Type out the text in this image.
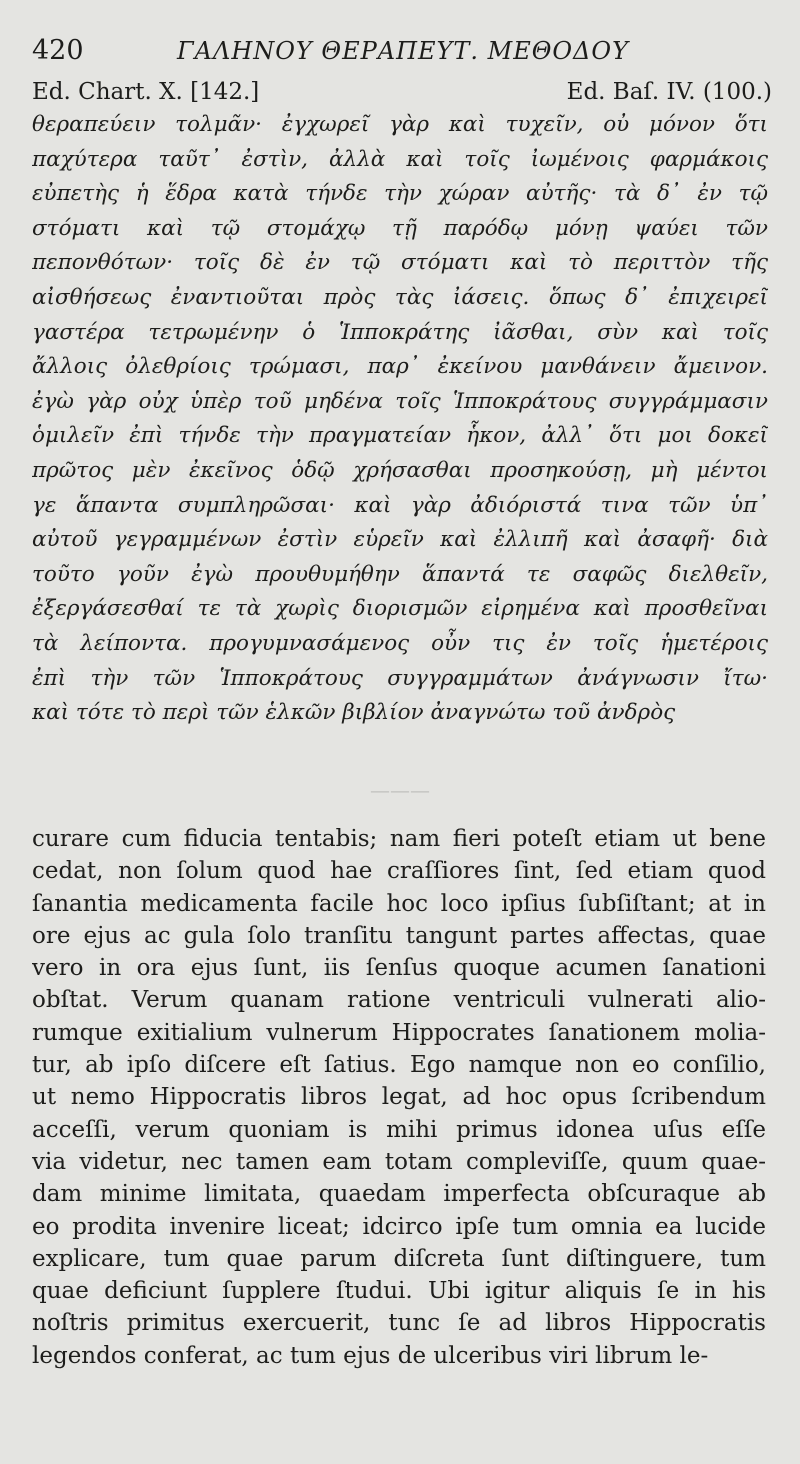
420	ΓΑΛΗΝΟΥ ΘΕΡΑΠΕΥΤ. ΜΕΘΟΔΟΥ
Ed. Chart. X. [142.]	Ed. Baſ. IV. (100.)
θεραπεύειν τολμᾶν· ἐγχωρεῖ γὰρ καὶ τυχεῖν, οὐ μόνον ὅτι
παχύτερα ταῦτ᾿ ἐστὶν, ἀλλὰ καὶ τοῖς ἰωμένοις φαρμάκοις
εὐπετὴς ἡ ἕδρα κατὰ τήνδε τὴν χώραν αὐτῆς· τὰ δ᾿ ἐν τῷ
στόματι καὶ τῷ στομάχῳ τῇ παρόδῳ μόνῃ ψαύει τῶν
πεπονθότων· τοῖς δὲ ἐν τῷ στόματι καὶ τὸ περιττὸν τῆς
αἰσθήσεως ἐναντιοῦται πρὸς τὰς ἰάσεις. ὅπως δ᾿ ἐπιχειρεῖ
γαστέρα τετρωμένην ὁ Ἱπποκράτης ἰᾶσθαι, σὺν καὶ τοῖς
ἄλλοις ὀλεθρίοις τρώμασι, παρ᾿ ἐκείνου μανθάνειν ἄμεινον.
ἐγὼ γὰρ οὐχ ὑπὲρ τοῦ μηδένα τοῖς Ἱπποκράτους συγγράμμασιν
ὁμιλεῖν ἐπὶ τήνδε τὴν πραγματείαν ἧκον, ἀλλ᾿ ὅτι μοι δοκεῖ
πρῶτος μὲν ἐκεῖνος ὁδῷ χρήσασθαι προσηκούσῃ, μὴ μέντοι
γε ἅπαντα συμπληρῶσαι· καὶ γὰρ ἀδιόριστά τινα τῶν ὑπ᾿
αὐτοῦ γεγραμμένων ἐστὶν εὑρεῖν καὶ ἐλλιπῆ καὶ ἀσαφῆ· διὰ
τοῦτο γοῦν ἐγὼ προυθυμήθην ἅπαντά τε σαφῶς διελθεῖν,
ἐξεργάσεσθαί τε τὰ χωρὶς διορισμῶν εἰρημένα καὶ προσθεῖναι
τὰ λείποντα. προγυμνασάμενος οὖν τις ἐν τοῖς ἡμετέροις
ἐπὶ τὴν τῶν Ἱπποκράτους συγγραμμάτων ἀνάγνωσιν ἴτω·
καὶ τότε τὸ περὶ τῶν ἑλκῶν βιβλίον ἀναγνώτω τοῦ ἀνδρὸς
———
curare cum fiducia tentabis; nam fieri poteſt etiam ut bene
cedat, non ſolum quod hae craſſiores ſint, ſed etiam quod
ſanantia medicamenta facile hoc loco ipſius ſubſiſtant; at in
ore ejus ac gula ſolo tranſitu tangunt partes affectas, quae
vero in ora ejus ſunt, iis ſenſus quoque acumen ſanationi
obſtat. Verum quanam ratione ventriculi vulnerati alio-
rumque exitialium vulnerum Hippocrates ſanationem molia-
tur, ab ipſo diſcere eſt ſatius. Ego namque non eo conſilio,
ut nemo Hippocratis libros legat, ad hoc opus ſcribendum
acceſſi, verum quoniam is mihi primus idonea uſus eſſe
via videtur, nec tamen eam totam compleviſſe, quum quae-
dam minime limitata, quaedam imperfecta obſcuraque ab
eo prodita invenire liceat; idcirco ipſe tum omnia ea lucide
explicare, tum quae parum diſcreta ſunt diſtinguere, tum
quae deficiunt ſupplere ſtudui. Ubi igitur aliquis ſe in his
noſtris primitus exercuerit, tunc ſe ad libros Hippocratis
legendos conferat, ac tum ejus de ulceribus viri librum le-
